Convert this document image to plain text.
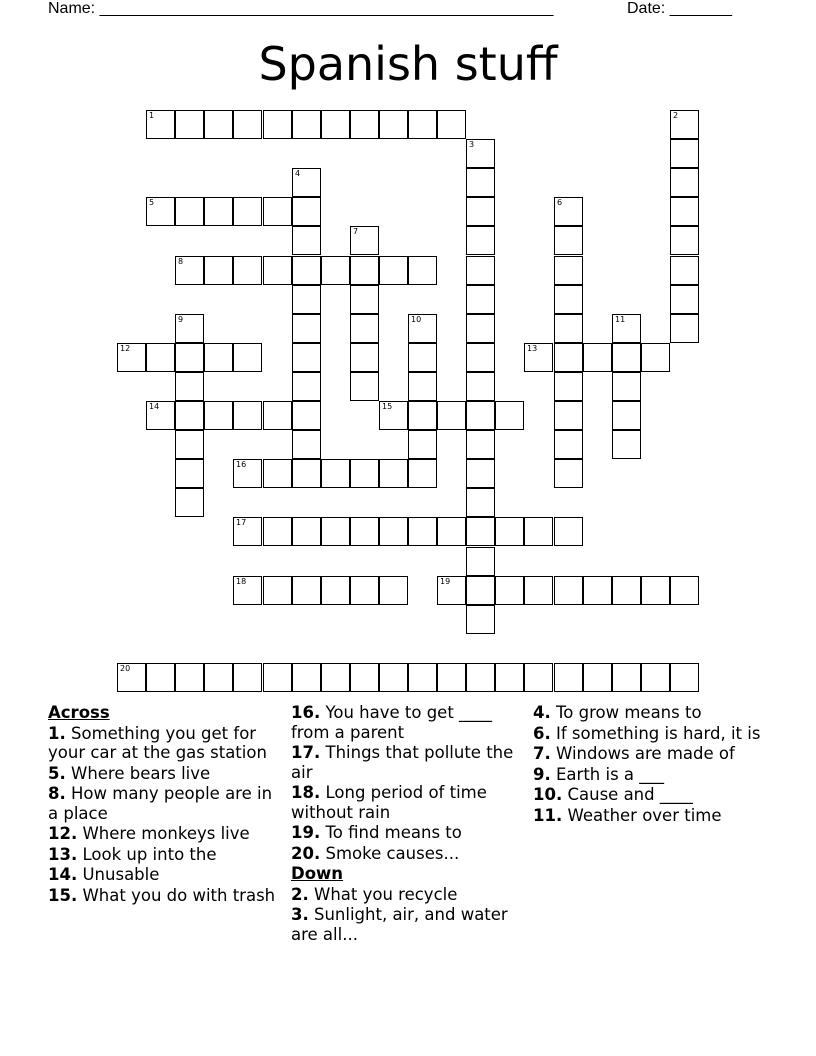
Name: ___________________________________________________	Date: _______
Spanish stuff
1	2
3
4
5	6
7
8
9	10	11
12	13
14	15
16
17
18	19
20
Across
1. Something you get for your car at the gas station
5. Where bears live
8. How many people are in a place
12. Where monkeys live
13. Look up into the
14. Unusable
15. What you do with trash
16. You have to get ____ from a parent
17. Things that pollute the air
18. Long period of time without rain
19. To find means to
20. Smoke causes...
Down
2. What you recycle
3. Sunlight, air, and water are all...
4. To grow means to
6. If something is hard, it is
7. Windows are made of
9. Earth is a ___
10. Cause and ____
11. Weather over time
